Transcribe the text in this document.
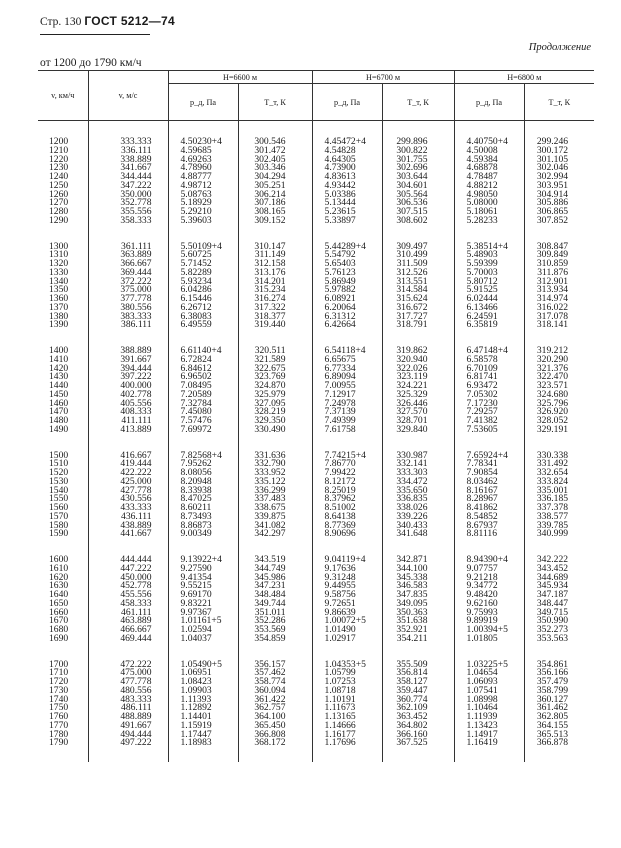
Стр. 130 ГОСТ 5212—74
Продолжение
от 1200 до 1790 км/ч
v, км/ч	v, м/с	H=6600 м		H=6700 м		H=6800 м	
		p_д, Па	T_т, К	p_д, Па	T_т, К	p_д, Па	T_т, К

1200	333.333	4.50230+4	300.546	4.45472+4	299.896	4.40750+4	299.246
1210	336.111	4.59685	301.472	4.54828	300.822	4.50008	300.172
1220	338.889	4.69263	302.405	4.64305	301.755	4.59384	301.105
1230	341.667	4.78960	303.346	4.73900	302.696	4.68878	302.046
1240	344.444	4.88777	304.294	4.83613	303.644	4.78487	302.994
1250	347.222	4.98712	305.251	4.93442	304.601	4.88212	303.951
1260	350.000	5.08763	306.214	5.03386	305.564	4.98050	304.914
1270	352.778	5.18929	307.186	5.13444	306.536	5.08000	305.886
1280	355.556	5.29210	308.165	5.23615	307.515	5.18061	306.865
1290	358.333	5.39603	309.152	5.33897	308.602	5.28233	307.852

1300	361.111	5.50109+4	310.147	5.44289+4	309.497	5.38514+4	308.847
1310	363.889	5.60725	311.149	5.54792	310.499	5.48903	309.849
1320	366.667	5.71452	312.158	5.65403	311.509	5.59399	310.859
1330	369.444	5.82289	313.176	5.76123	312.526	5.70003	311.876
1340	372.222	5.93234	314.201	5.86949	313.551	5.80712	312.901
1350	375.000	6.04286	315.234	5.97882	314.584	5.91525	313.934
1360	377.778	6.15446	316.274	6.08921	315.624	6.02444	314.974
1370	380.556	6.26712	317.322	6.20064	316.672	6.13466	316.022
1380	383.333	6.38083	318.377	6.31312	317.727	6.24591	317.078
1390	386.111	6.49559	319.440	6.42664	318.791	6.35819	318.141

1400	388.889	6.61140+4	320.511	6.54118+4	319.862	6.47148+4	319.212
1410	391.667	6.72824	321.589	6.65675	320.940	6.58578	320.290
1420	394.444	6.84612	322.675	6.77334	322.026	6.70109	321.376
1430	397.222	6.96502	323.769	6.89094	323.119	6.81741	322.470
1440	400.000	7.08495	324.870	7.00955	324.221	6.93472	323.571
1450	402.778	7.20589	325.979	7.12917	325.329	7.05302	324.680
1460	405.556	7.32784	327.095	7.24978	326.446	7.17230	325.796
1470	408.333	7.45080	328.219	7.37139	327.570	7.29257	326.920
1480	411.111	7.57476	329.350	7.49399	328.701	7.41382	328.052
1490	413.889	7.69972	330.490	7.61758	329.840	7.53605	329.191

1500	416.667	7.82568+4	331.636	7.74215+4	330.987	7.65924+4	330.338
1510	419.444	7.95262	332.790	7.86770	332.141	7.78341	331.492
1520	422.222	8.08056	333.952	7.99422	333.303	7.90854	332.654
1530	425.000	8.20948	335.122	8.12172	334.472	8.03462	333.824
1540	427.778	8.33938	336.299	8.25019	335.650	8.16167	335.001
1550	430.556	8.47025	337.483	8.37962	336.835	8.28967	336.185
1560	433.333	8.60211	338.675	8.51002	338.026	8.41862	337.378
1570	436.111	8.73493	339.875	8.64138	339.226	8.54852	338.577
1580	438.889	8.86873	341.082	8.77369	340.433	8.67937	339.785
1590	441.667	9.00349	342.297	8.90696	341.648	8.81116	340.999

1600	444.444	9.13922+4	343.519	9.04119+4	342.871	8.94390+4	342.222
1610	447.222	9.27590	344.749	9.17636	344.100	9.07757	343.452
1620	450.000	9.41354	345.986	9.31248	345.338	9.21218	344.689
1630	452.778	9.55215	347.231	9.44955	346.583	9.34772	345.934
1640	455.556	9.69170	348.484	9.58756	347.835	9.48420	347.187
1650	458.333	9.83221	349.744	9.72651	349.095	9.62160	348.447
1660	461.111	9.97367	351.011	9.86639	350.363	9.75993	349.715
1670	463.889	1.01161+5	352.286	1.00072+5	351.638	9.89919	350.990
1680	466.667	1.02594	353.569	1.01490	352.921	1.00394+5	352.273
1690	469.444	1.04037	354.859	1.02917	354.211	1.01805	353.563

1700	472.222	1.05490+5	356.157	1.04353+5	355.509	1.03225+5	354.861
1710	475.000	1.06951	357.462	1.05799	356.814	1.04654	356.166
1720	477.778	1.08423	358.774	1.07253	358.127	1.06093	357.479
1730	480.556	1.09903	360.094	1.08718	359.447	1.07541	358.799
1740	483.333	1.11393	361.422	1.10191	360.774	1.08998	360.127
1750	486.111	1.12892	362.757	1.11673	362.109	1.10464	361.462
1760	488.889	1.14401	364.100	1.13165	363.452	1.11939	362.805
1770	491.667	1.15919	365.450	1.14666	364.802	1.13423	364.155
1780	494.444	1.17447	366.808	1.16177	366.160	1.14917	365.513
1790	497.222	1.18983	368.172	1.17696	367.525	1.16419	366.878
